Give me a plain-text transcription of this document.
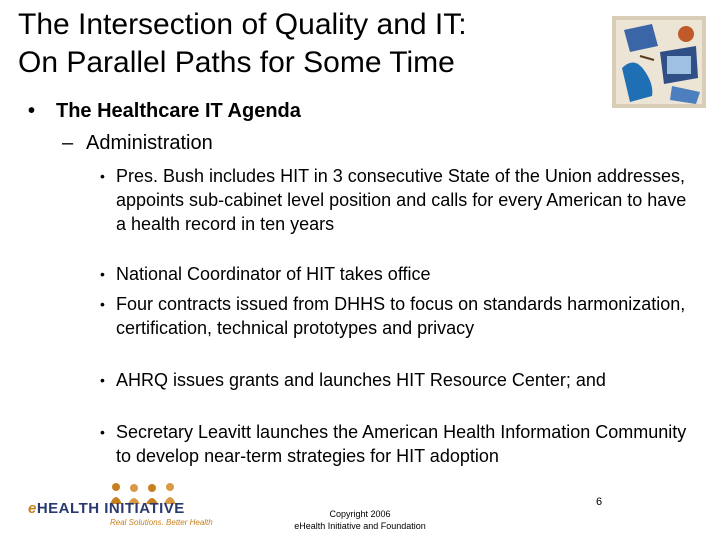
The Intersection of Quality and IT:
On Parallel Paths for Some Time
• The Healthcare IT Agenda
– Administration
• Pres. Bush includes HIT in 3 consecutive State of the Union addresses, appoints sub-cabinet level position and calls for every American to have a health record in ten years
• National Coordinator of HIT takes office
• Four contracts issued from DHHS to focus on standards harmonization, certification, technical prototypes and privacy
• AHRQ issues grants and launches HIT Resource Center; and
• Secretary Leavitt launches the American Health Information Community to develop near-term strategies for HIT adoption
eHEALTH INITIATIVE
Real Solutions. Better Health
Copyright 2006
eHealth Initiative and Foundation
6
